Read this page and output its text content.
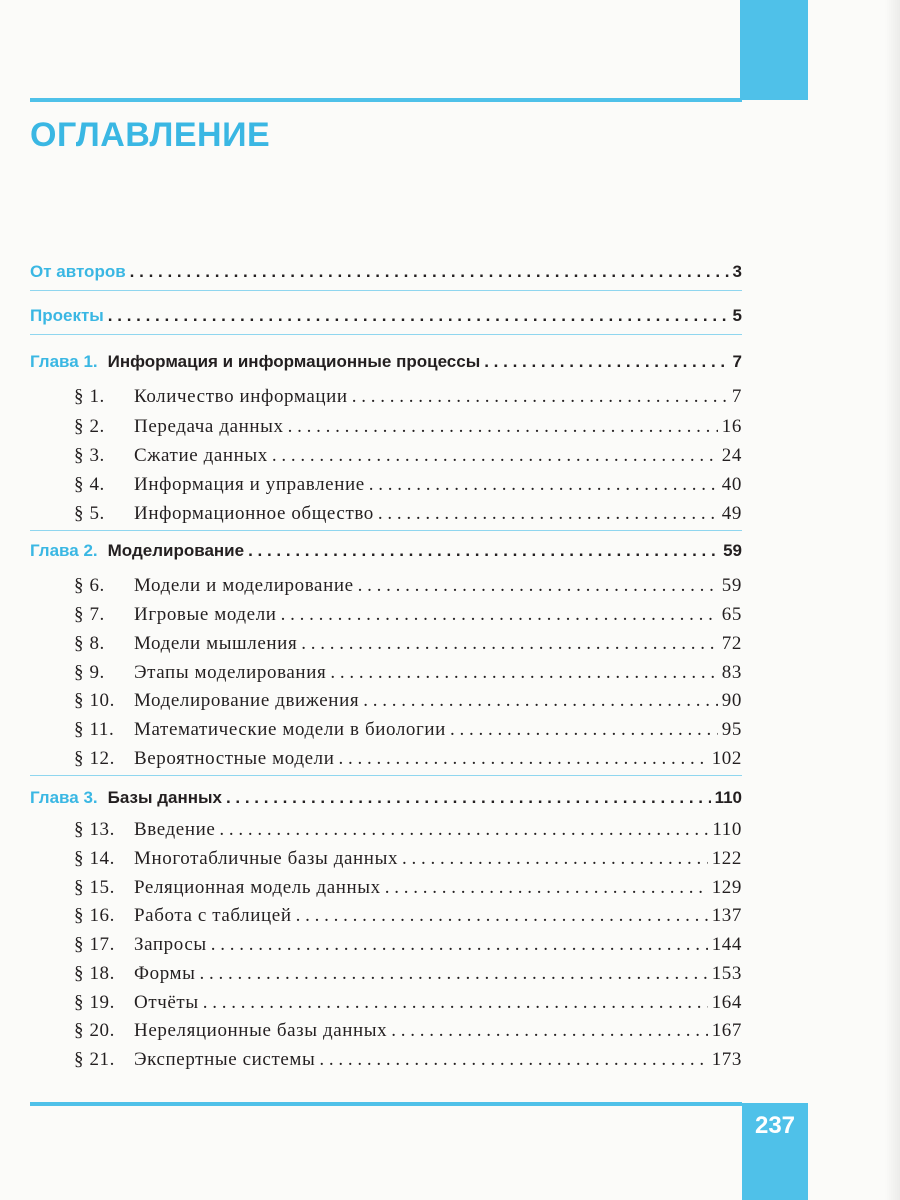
ОГЛАВЛЕНИЕ
От авторов . . .	3
Проекты . . .	5
Глава 1. Информация и информационные процессы . . .	7
§ 1.	Количество информации . . .	7
§ 2.	Передача данных . . .	16
§ 3.	Сжатие данных . . .	24
§ 4.	Информация и управление . . .	40
§ 5.	Информационное общество . . .	49
Глава 2. Моделирование . . .	59
§ 6.	Модели и моделирование . . .	59
§ 7.	Игровые модели . . .	65
§ 8.	Модели мышления . . .	72
§ 9.	Этапы моделирования . . .	83
§ 10.	Моделирование движения . . .	90
§ 11.	Математические модели в биологии . . .	95
§ 12.	Вероятностные модели . . .	102
Глава 3. Базы данных . . .	110
§ 13.	Введение . . .	110
§ 14.	Многотабличные базы данных . . .	122
§ 15.	Реляционная модель данных . . .	129
§ 16.	Работа с таблицей . . .	137
§ 17.	Запросы . . .	144
§ 18.	Формы . . .	153
§ 19.	Отчёты . . .	164
§ 20.	Нереляционные базы данных . . .	167
§ 21.	Экспертные системы . . .	173
237
